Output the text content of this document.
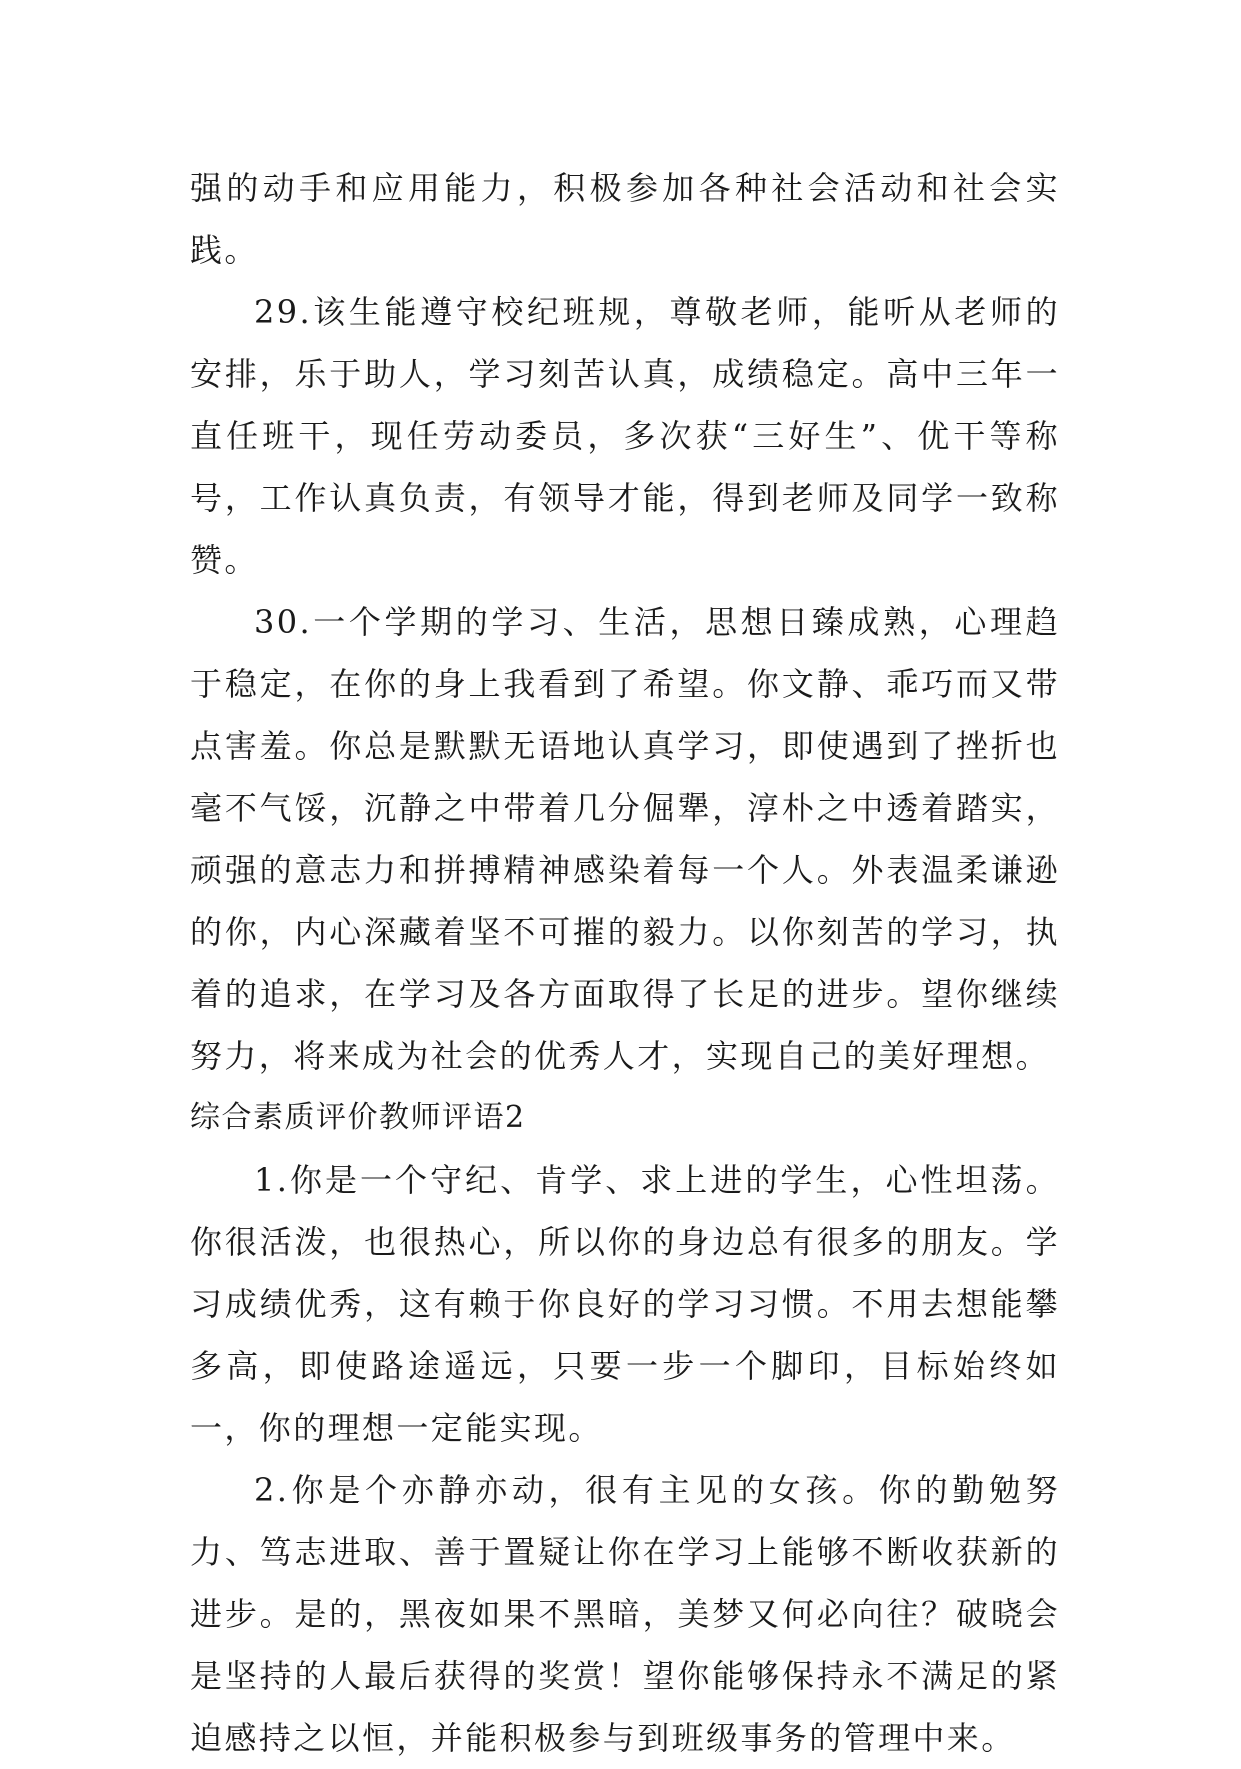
强的动手和应用能力，积极参加各种社会活动和社会实践。

29.该生能遵守校纪班规，尊敬老师，能听从老师的安排，乐于助人，学习刻苦认真，成绩稳定。高中三年一直任班干，现任劳动委员，多次获“三好生”、优干等称号，工作认真负责，有领导才能，得到老师及同学一致称赞。

30.一个学期的学习、生活，思想日臻成熟，心理趋于稳定，在你的身上我看到了希望。你文静、乖巧而又带点害羞。你总是默默无语地认真学习，即使遇到了挫折也毫不气馁，沉静之中带着几分倔犟，淳朴之中透着踏实，顽强的意志力和拼搏精神感染着每一个人。外表温柔谦逊的你，内心深藏着坚不可摧的毅力。以你刻苦的学习，执着的追求，在学习及各方面取得了长足的进步。望你继续努力，将来成为社会的优秀人才，实现自己的美好理想。

综合素质评价教师评语2

1.你是一个守纪、肯学、求上进的学生，心性坦荡。你很活泼，也很热心，所以你的身边总有很多的朋友。学习成绩优秀，这有赖于你良好的学习习惯。不用去想能攀多高，即使路途遥远，只要一步一个脚印，目标始终如一，你的理想一定能实现。

2.你是个亦静亦动，很有主见的女孩。你的勤勉努力、笃志进取、善于置疑让你在学习上能够不断收获新的进步。是的，黑夜如果不黑暗，美梦又何必向往？破晓会是坚持的人最后获得的奖赏！望你能够保持永不满足的紧迫感持之以恒，并能积极参与到班级事务的管理中来。
